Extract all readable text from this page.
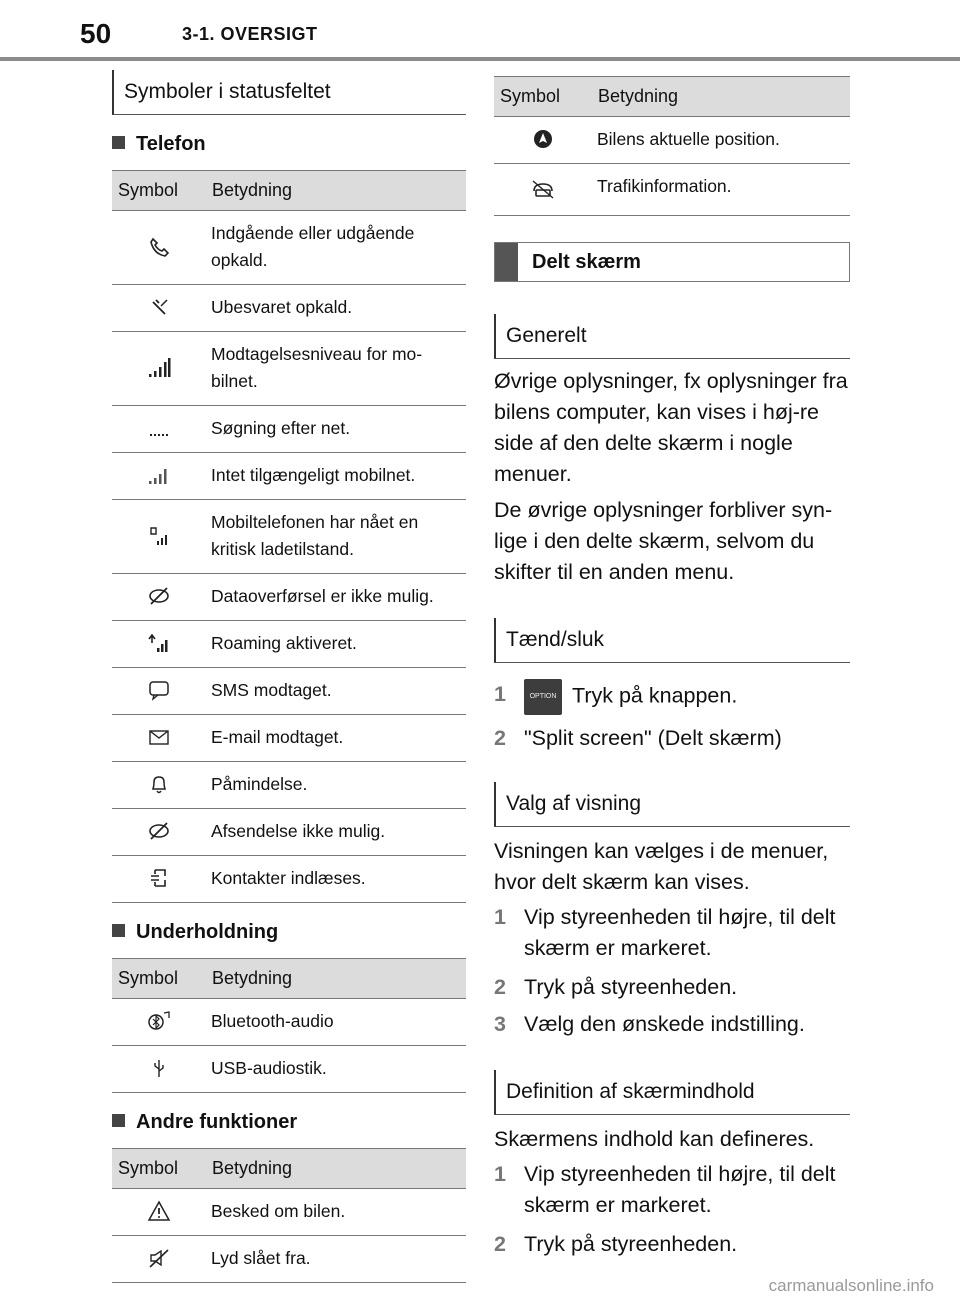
50	3-1. OVERSIGT
Symboler i statusfeltet
Telefon
Symbol	Betydning
	Indgående eller udgående opkald.
	Ubesvaret opkald.
	Modtagelsesniveau for mo-bilnet.
	Søgning efter net.
	Intet tilgængeligt mobilnet.
	Mobiltelefonen har nået en kritisk ladetilstand.
	Dataoverførsel er ikke mulig.
	Roaming aktiveret.
	SMS modtaget.
	E-mail modtaget.
	Påmindelse.
	Afsendelse ikke mulig.
	Kontakter indlæses.
Underholdning
Symbol	Betydning
	Bluetooth-audio
	USB-audiostik.
Andre funktioner
Symbol	Betydning
	Besked om bilen.
	Lyd slået fra.
Symbol	Betydning
	Bilens aktuelle position.
	Trafikinformation.
Delt skærm
Generelt

Øvrige oplysninger, fx oplysninger fra bilens computer, kan vises i høj-re side af den delte skærm i nogle menuer.

De øvrige oplysninger forbliver syn-lige i den delte skærm, selvom du skifter til en anden menu.

Tænd/sluk
1	OPTION Tryk på knappen.
2 "Split screen" (Delt skærm)
Valg af visning

Visningen kan vælges i de menuer, hvor delt skærm kan vises.

1 Vip styreenheden til højre, til delt skærm er markeret.
2 Tryk på styreenheden.
3 Vælg den ønskede indstilling.
Definition af skærmindhold

Skærmens indhold kan defineres.

1 Vip styreenheden til højre, til delt skærm er markeret.
2 Tryk på styreenheden.
carmanualsonline.info
